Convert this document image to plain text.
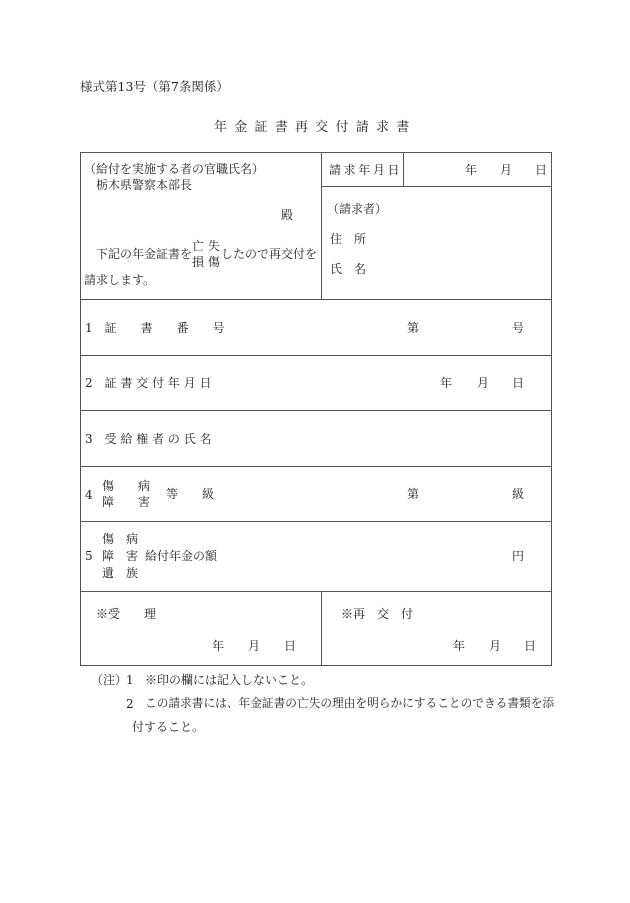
様式第13号（第7条関係）
年 金 証 書 再 交 付 請 求 書
（給付を実施する者の官職氏名）
栃木県警察本部長
殿
下記の年金証書を
亡 失
損 傷
したので再交付を
請求します。
請求年月日	年 月 日
（請求者）
住　所
氏　名
1　証　　書　　番　　号	第	号
2　証 書 交 付 年 月 日	年 月 日
3　受 給 権 者 の 氏 名
4
傷　　病
障　　害
等　　級	第	級
5
傷　病
障　害
遺　族
給付年金の額	円
※受　　理
年 月 日
※再　交　付
年 月 日
（注）
1 ※印の欄には記入しないこと。
2 この請求書には、年金証書の亡失の理由を明らかにすることのできる書類を添
付すること。
